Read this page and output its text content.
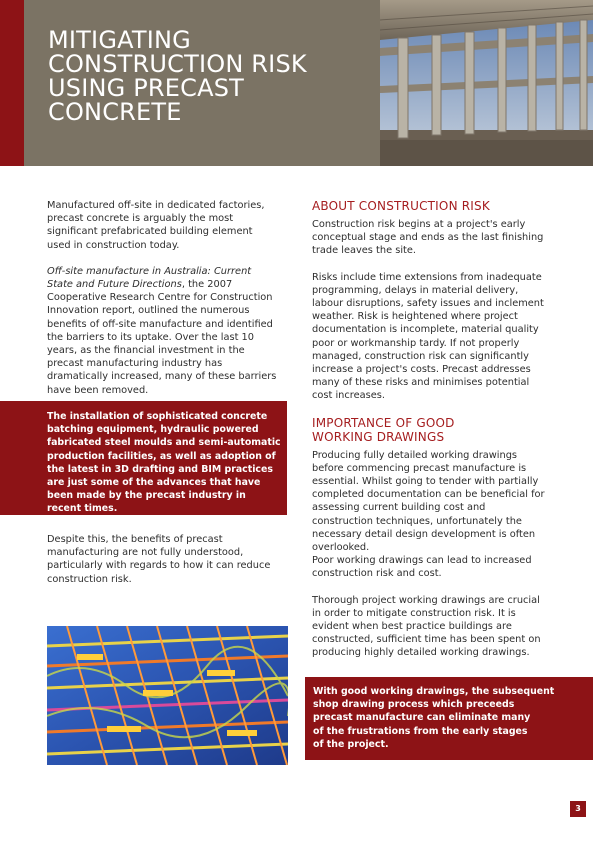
MITIGATING
CONSTRUCTION RISK
USING PRECAST
CONCRETE

Manufactured off-site in dedicated factories, precast concrete is arguably the most significant prefabricated building element used in construction today.

Off-site manufacture in Australia: Current State and Future Directions, the 2007 Cooperative Research Centre for Construction Innovation report, outlined the numerous benefits of off-site manufacture and identified the barriers to its uptake. Over the last 10 years, as the financial investment in the precast manufacturing industry has dramatically increased, many of these barriers have been removed.

The installation of sophisticated concrete batching equipment, hydraulic powered fabricated steel moulds and semi-automatic production facilities, as well as adoption of the latest in 3D drafting and BIM practices are just some of the advances that have been made by the precast industry in recent times.

Despite this, the benefits of precast manufacturing are not fully understood, particularly with regards to how it can reduce construction risk.

ABOUT CONSTRUCTION RISK

Construction risk begins at a project's early conceptual stage and ends as the last finishing trade leaves the site.

Risks include time extensions from inadequate programming, delays in material delivery, labour disruptions, safety issues and inclement weather. Risk is heightened where project documentation is incomplete, material quality poor or workmanship tardy. If not properly managed, construction risk can significantly increase a project's costs. Precast addresses many of these risks and minimises potential cost increases.

IMPORTANCE OF GOOD
WORKING DRAWINGS

Producing fully detailed working drawings before commencing precast manufacture is essential. Whilst going to tender with partially completed documentation can be beneficial for assessing current building cost and construction techniques, unfortunately the necessary detail design development is often overlooked.

Poor working drawings can lead to increased construction risk and cost.

Thorough project working drawings are crucial in order to mitigate construction risk. It is evident when best practice buildings are constructed, sufficient time has been spent on producing highly detailed working drawings.

With good working drawings, the subsequent
shop drawing process which preceeds
precast manufacture can eliminate many
of the frustrations from the early stages
of the project.

3
